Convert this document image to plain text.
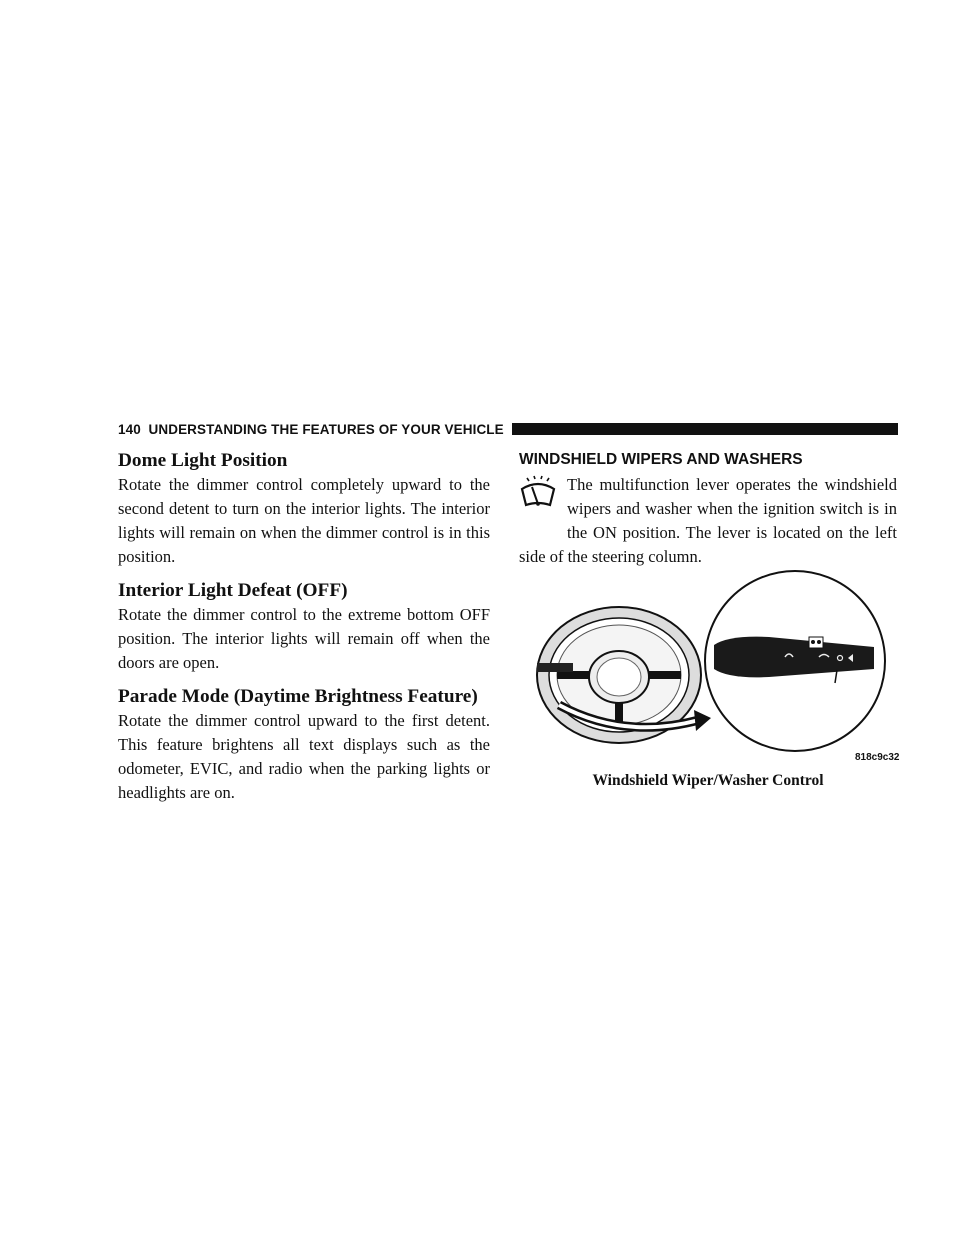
140 UNDERSTANDING THE FEATURES OF YOUR VEHICLE
Dome Light Position

Rotate the dimmer control completely upward to the second detent to turn on the interior lights. The interior lights will remain on when the dimmer control is in this position.

Interior Light Defeat (OFF)

Rotate the dimmer control to the extreme bottom OFF position. The interior lights will remain off when the doors are open.

Parade Mode (Daytime Brightness Feature)

Rotate the dimmer control upward to the first detent. This feature brightens all text displays such as the odometer, EVIC, and radio when the parking lights or headlights are on.

WINDSHIELD WIPERS AND WASHERS

The multifunction lever operates the windshield wipers and washer when the ignition switch is in the ON position. The lever is located on the left side of the steering column.

818c9c32
Windshield Wiper/Washer Control
